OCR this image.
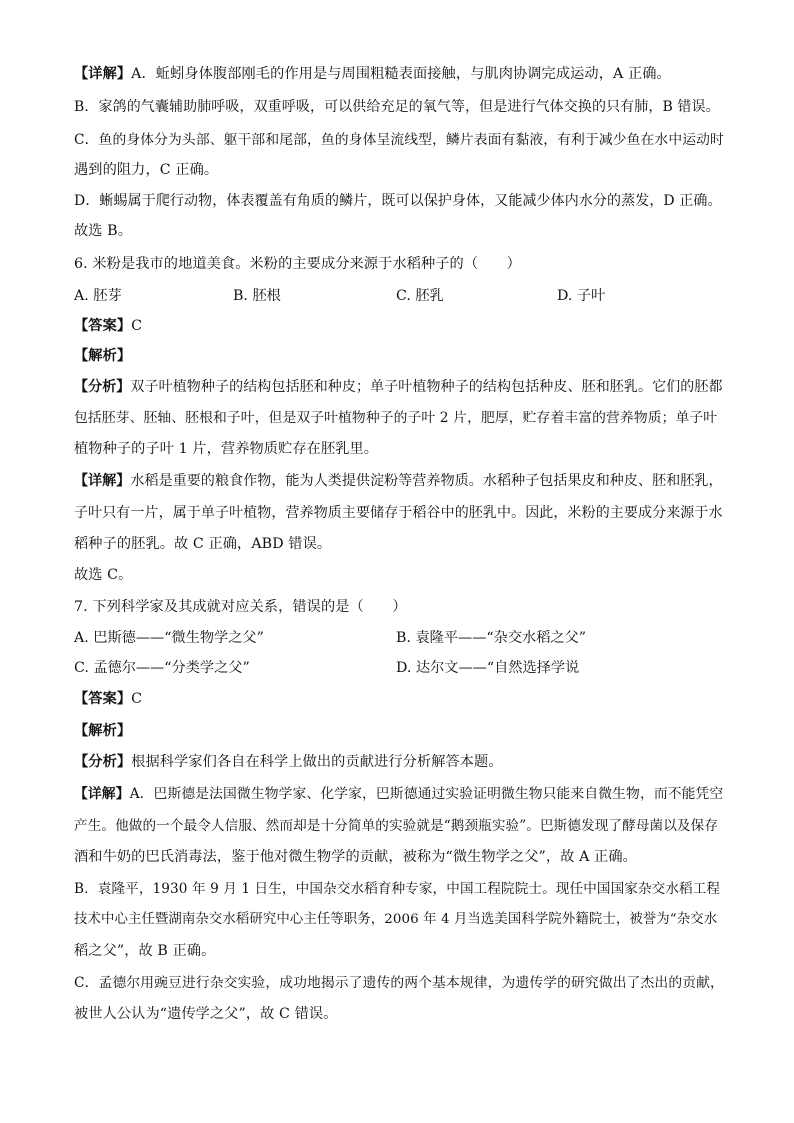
【详解】A．蚯蚓身体腹部刚毛的作用是与周围粗糙表面接触，与肌肉协调完成运动，A 正确。
B．家鸽的气囊辅助肺呼吸，双重呼吸，可以供给充足的氧气等，但是进行气体交换的只有肺，B 错误。
C．鱼的身体分为头部、躯干部和尾部，鱼的身体呈流线型，鳞片表面有黏液，有利于减少鱼在水中运动时
遇到的阻力，C 正确。
D．蜥蜴属于爬行动物，体表覆盖有角质的鳞片，既可以保护身体，又能减少体内水分的蒸发，D 正确。
故选 B。
6. 米粉是我市的地道美食。米粉的主要成分来源于水稻种子的（　　）
A. 胚芽	B. 胚根	C. 胚乳	D. 子叶
【答案】C
【解析】
【分析】双子叶植物种子的结构包括胚和种皮；单子叶植物种子的结构包括种皮、胚和胚乳。它们的胚都
包括胚芽、胚轴、胚根和子叶，但是双子叶植物种子的子叶 2 片，肥厚，贮存着丰富的营养物质；单子叶
植物种子的子叶 1 片，营养物质贮存在胚乳里。
【详解】水稻是重要的粮食作物，能为人类提供淀粉等营养物质。水稻种子包括果皮和种皮、胚和胚乳，
子叶只有一片，属于单子叶植物，营养物质主要储存于稻谷中的胚乳中。因此，米粉的主要成分来源于水
稻种子的胚乳。故 C 正确，ABD 错误。
故选 C。
7. 下列科学家及其成就对应关系，错误的是（　　）
A. 巴斯德——“微生物学之父”	B. 袁隆平——“杂交水稻之父”
C. 孟德尔——“分类学之父”	D. 达尔文——“自然选择学说
【答案】C
【解析】
【分析】根据科学家们各自在科学上做出的贡献进行分析解答本题。
【详解】A．巴斯德是法国微生物学家、化学家，巴斯德通过实验证明微生物只能来自微生物，而不能凭空
产生。他做的一个最令人信服、然而却是十分简单的实验就是“鹅颈瓶实验”。巴斯德发现了酵母菌以及保存
酒和牛奶的巴氏消毒法，鉴于他对微生物学的贡献，被称为“微生物学之父”，故 A 正确。
B．袁隆平，1930 年 9 月 1 日生，中国杂交水稻育种专家，中国工程院院士。现任中国国家杂交水稻工程
技术中心主任暨湖南杂交水稻研究中心主任等职务，2006 年 4 月当选美国科学院外籍院士，被誉为“杂交水
稻之父”，故 B 正确。
C．孟德尔用豌豆进行杂交实验，成功地揭示了遗传的两个基本规律，为遗传学的研究做出了杰出的贡献，
被世人公认为“遗传学之父”，故 C 错误。
